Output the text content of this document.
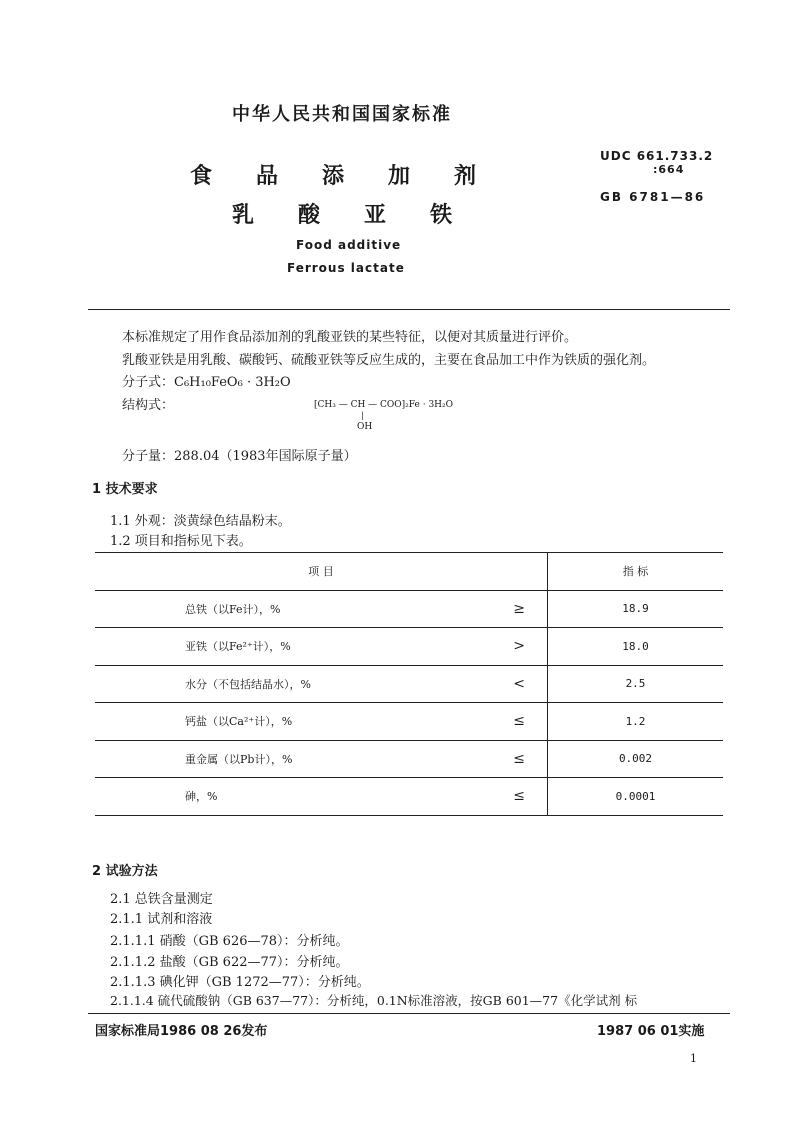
中华人民共和国国家标准
食品添加剂
乳酸亚铁
Food additive
Ferrous lactate
UDC 661.733.2
:664
GB 6781—86
本标准规定了用作食品添加剂的乳酸亚铁的某些特征，以便对其质量进行评价。
乳酸亚铁是用乳酸、碳酸钙、硫酸亚铁等反应生成的，主要在食品加工中作为铁质的强化剂。
分子式：C₆H₁₀FeO₆ · 3H₂O
结构式：	[CH₃ — CH — COO]₂Fe · 3H₂O
|
OH
分子量：288.04（1983年国际原子量）
1 技术要求
1.1 外观：淡黄绿色结晶粉末。
1.2 项目和指标见下表。
项 目		指 标
总铁（以Fe计），%	≥	18.9
亚铁（以Fe²⁺计），%	>	18.0
水分（不包括结晶水），%	<	2.5
钙盐（以Ca²⁺计），%	≤	1.2
重金属（以Pb计），%	≤	0.002
砷，%	≤	0.0001
2 试验方法
2.1 总铁含量测定
2.1.1 试剂和溶液
2.1.1.1 硝酸（GB 626—78）：分析纯。
2.1.1.2 盐酸（GB 622—77）：分析纯。
2.1.1.3 碘化钾（GB 1272—77）：分析纯。
2.1.1.4 硫代硫酸钠（GB 637—77）：分析纯，0.1N标准溶液，按GB 601—77《化学试剂 标
国家标准局1986 08 26发布	1987 06 01实施
1
